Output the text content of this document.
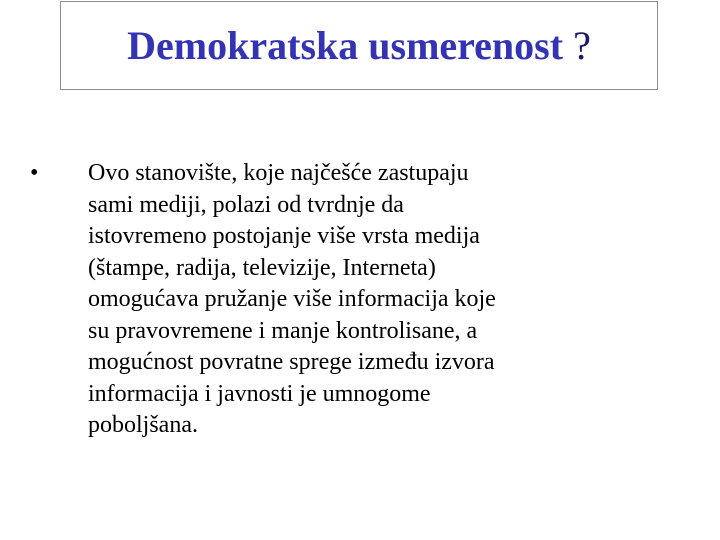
Demokratska usmerenost ?
•	Ovo stanovište, koje najčešće zastupaju
sami mediji, polazi od tvrdnje da
istovremeno postojanje više vrsta medija
(štampe, radija, televizije, Interneta)
omogućava pružanje više informacija koje
su pravovremene i manje kontrolisane, a
mogućnost povratne sprege između izvora
informacija i javnosti je umnogome
poboljšana.
